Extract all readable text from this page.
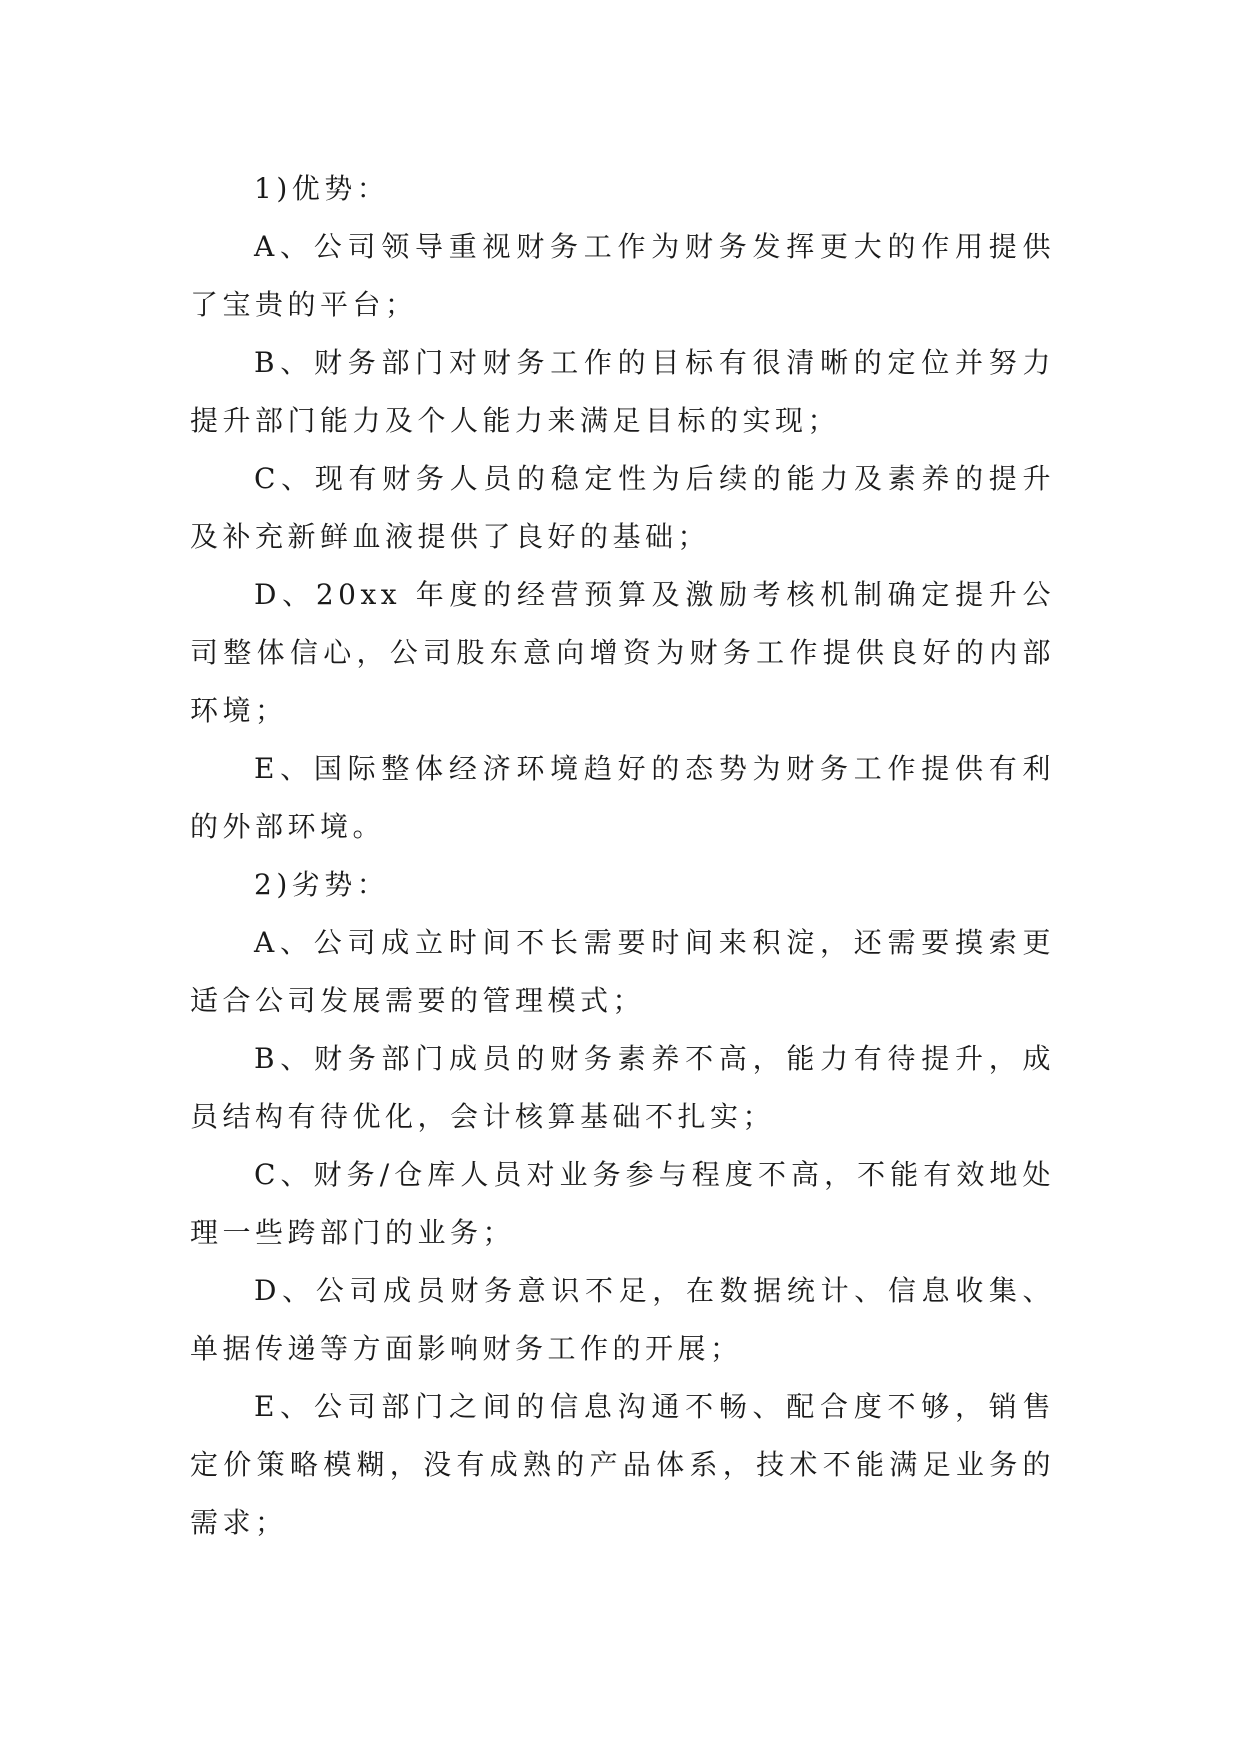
1)优势：

A、公司领导重视财务工作为财务发挥更大的作用提供了宝贵的平台；

B、财务部门对财务工作的目标有很清晰的定位并努力提升部门能力及个人能力来满足目标的实现；

C、现有财务人员的稳定性为后续的能力及素养的提升及补充新鲜血液提供了良好的基础；

D、20xx 年度的经营预算及激励考核机制确定提升公司整体信心，公司股东意向增资为财务工作提供良好的内部环境；

E、国际整体经济环境趋好的态势为财务工作提供有利的外部环境。

2)劣势：

A、公司成立时间不长需要时间来积淀，还需要摸索更适合公司发展需要的管理模式；

B、财务部门成员的财务素养不高，能力有待提升，成员结构有待优化，会计核算基础不扎实；

C、财务/仓库人员对业务参与程度不高，不能有效地处理一些跨部门的业务；

D、公司成员财务意识不足，在数据统计、信息收集、单据传递等方面影响财务工作的开展；

E、公司部门之间的信息沟通不畅、配合度不够，销售定价策略模糊，没有成熟的产品体系，技术不能满足业务的需求；
